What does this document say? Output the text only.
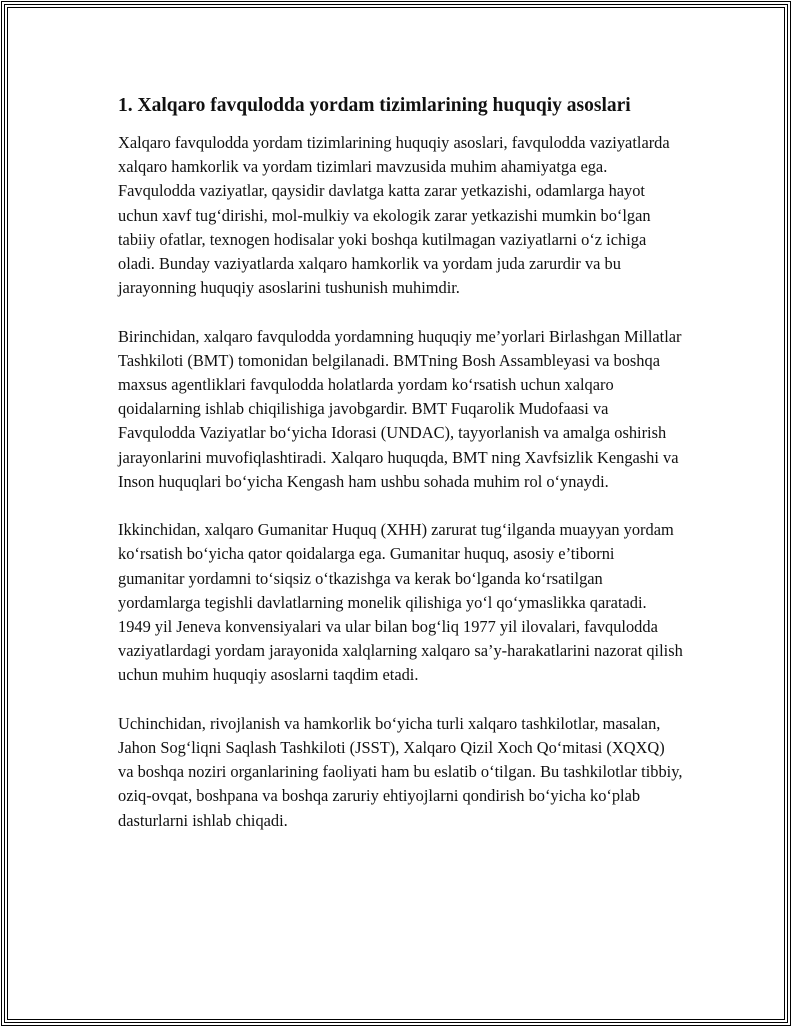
1. Xalqaro favqulodda yordam tizimlarining huquqiy asoslari

Xalqaro favqulodda yordam tizimlarining huquqiy asoslari, favqulodda vaziyatlarda xalqaro hamkorlik va yordam tizimlari mavzusida muhim ahamiyatga ega. Favqulodda vaziyatlar, qaysidir davlatga katta zarar yetkazishi, odamlarga hayot uchun xavf tug‘dirishi, mol-mulkiy va ekologik zarar yetkazishi mumkin bo‘lgan tabiiy ofatlar, texnogen hodisalar yoki boshqa kutilmagan vaziyatlarni o‘z ichiga oladi. Bunday vaziyatlarda xalqaro hamkorlik va yordam juda zarurdir va bu jarayonning huquqiy asoslarini tushunish muhimdir.

Birinchidan, xalqaro favqulodda yordamning huquqiy me’yorlari Birlashgan Millatlar Tashkiloti (BMT) tomonidan belgilanadi. BMTning Bosh Assambleyasi va boshqa maxsus agentliklari favqulodda holatlarda yordam ko‘rsatish uchun xalqaro qoidalarning ishlab chiqilishiga javobgardir. BMT Fuqarolik Mudofaasi va Favqulodda Vaziyatlar bo‘yicha Idorasi (UNDAC), tayyorlanish va amalga oshirish jarayonlarini muvofiqlashtiradi. Xalqaro huquqda, BMT ning Xavfsizlik Kengashi va Inson huquqlari bo‘yicha Kengash ham ushbu sohada muhim rol o‘ynaydi.

Ikkinchidan, xalqaro Gumanitar Huquq (XHH) zarurat tug‘ilganda muayyan yordam ko‘rsatish bo‘yicha qator qoidalarga ega. Gumanitar huquq, asosiy e’tiborni gumanitar yordamni to‘siqsiz o‘tkazishga va kerak bo‘lganda ko‘rsatilgan yordamlarga tegishli davlatlarning monelik qilishiga yo‘l qo‘ymaslikka qaratadi. 1949 yil Jeneva konvensiyalari va ular bilan bog‘liq 1977 yil ilovalari, favqulodda vaziyatlardagi yordam jarayonida xalqlarning xalqaro sa’y-harakatlarini nazorat qilish uchun muhim huquqiy asoslarni taqdim etadi.

Uchinchidan, rivojlanish va hamkorlik bo‘yicha turli xalqaro tashkilotlar, masalan, Jahon Sog‘liqni Saqlash Tashkiloti (JSST), Xalqaro Qizil Xoch Qo‘mitasi (XQXQ) va boshqa noziri organlarining faoliyati ham bu eslatib o‘tilgan. Bu tashkilotlar tibbiy, oziq-ovqat, boshpana va boshqa zaruriy ehtiyojlarni qondirish bo‘yicha ko‘plab dasturlarni ishlab chiqadi.
